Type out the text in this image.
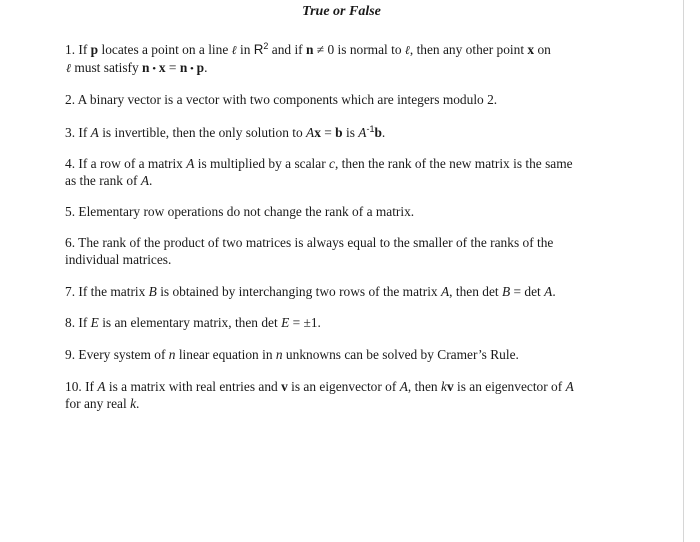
True or False

1. If p locates a point on a line ℓ in $R^2$ and if n ≠ 0 is normal to ℓ, then any other point x on
ℓ must satisfy n • x = n • p.

2. A binary vector is a vector with two components which are integers modulo 2.

3. If A is invertible, then the only solution to Ax = b is $A^{-1}b$.

4. If a row of a matrix A is multiplied by a scalar c, then the rank of the new matrix is the same
as the rank of A.

5. Elementary row operations do not change the rank of a matrix.

6. The rank of the product of two matrices is always equal to the smaller of the ranks of the
individual matrices.

7. If the matrix B is obtained by interchanging two rows of the matrix A, then det B = det A.

8. If E is an elementary matrix, then det E = ±1.

9. Every system of n linear equation in n unknowns can be solved by Cramer’s Rule.

10. If A is a matrix with real entries and v is an eigenvector of A, then kv is an eigenvector of A
for any real k.
